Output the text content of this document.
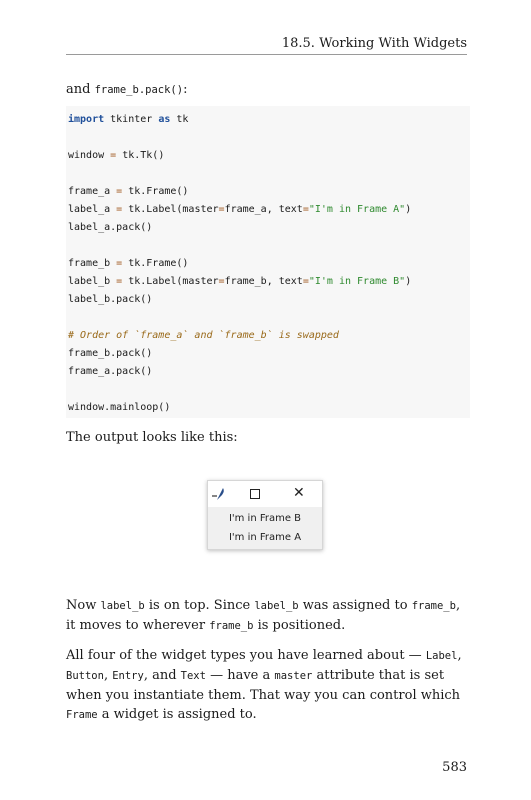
18.5. Working With Widgets
and frame_b.pack():
import tkinter as tk

window = tk.Tk()

frame_a = tk.Frame()
label_a = tk.Label(master=frame_a, text="I'm in Frame A")
label_a.pack()

frame_b = tk.Frame()
label_b = tk.Label(master=frame_b, text="I'm in Frame B")
label_b.pack()

# Order of `frame_a` and `frame_b` is swapped
frame_b.pack()
frame_a.pack()

window.mainloop()
The output looks like this:
✕
I'm in Frame B
I'm in Frame A
Now label_b is on top. Since label_b was assigned to frame_b, it moves to wherever frame_b is positioned.
All four of the widget types you have learned about — Label, Button, Entry, and Text — have a master attribute that is set when you instantiate them. That way you can control which Frame a widget is assigned to.
583
